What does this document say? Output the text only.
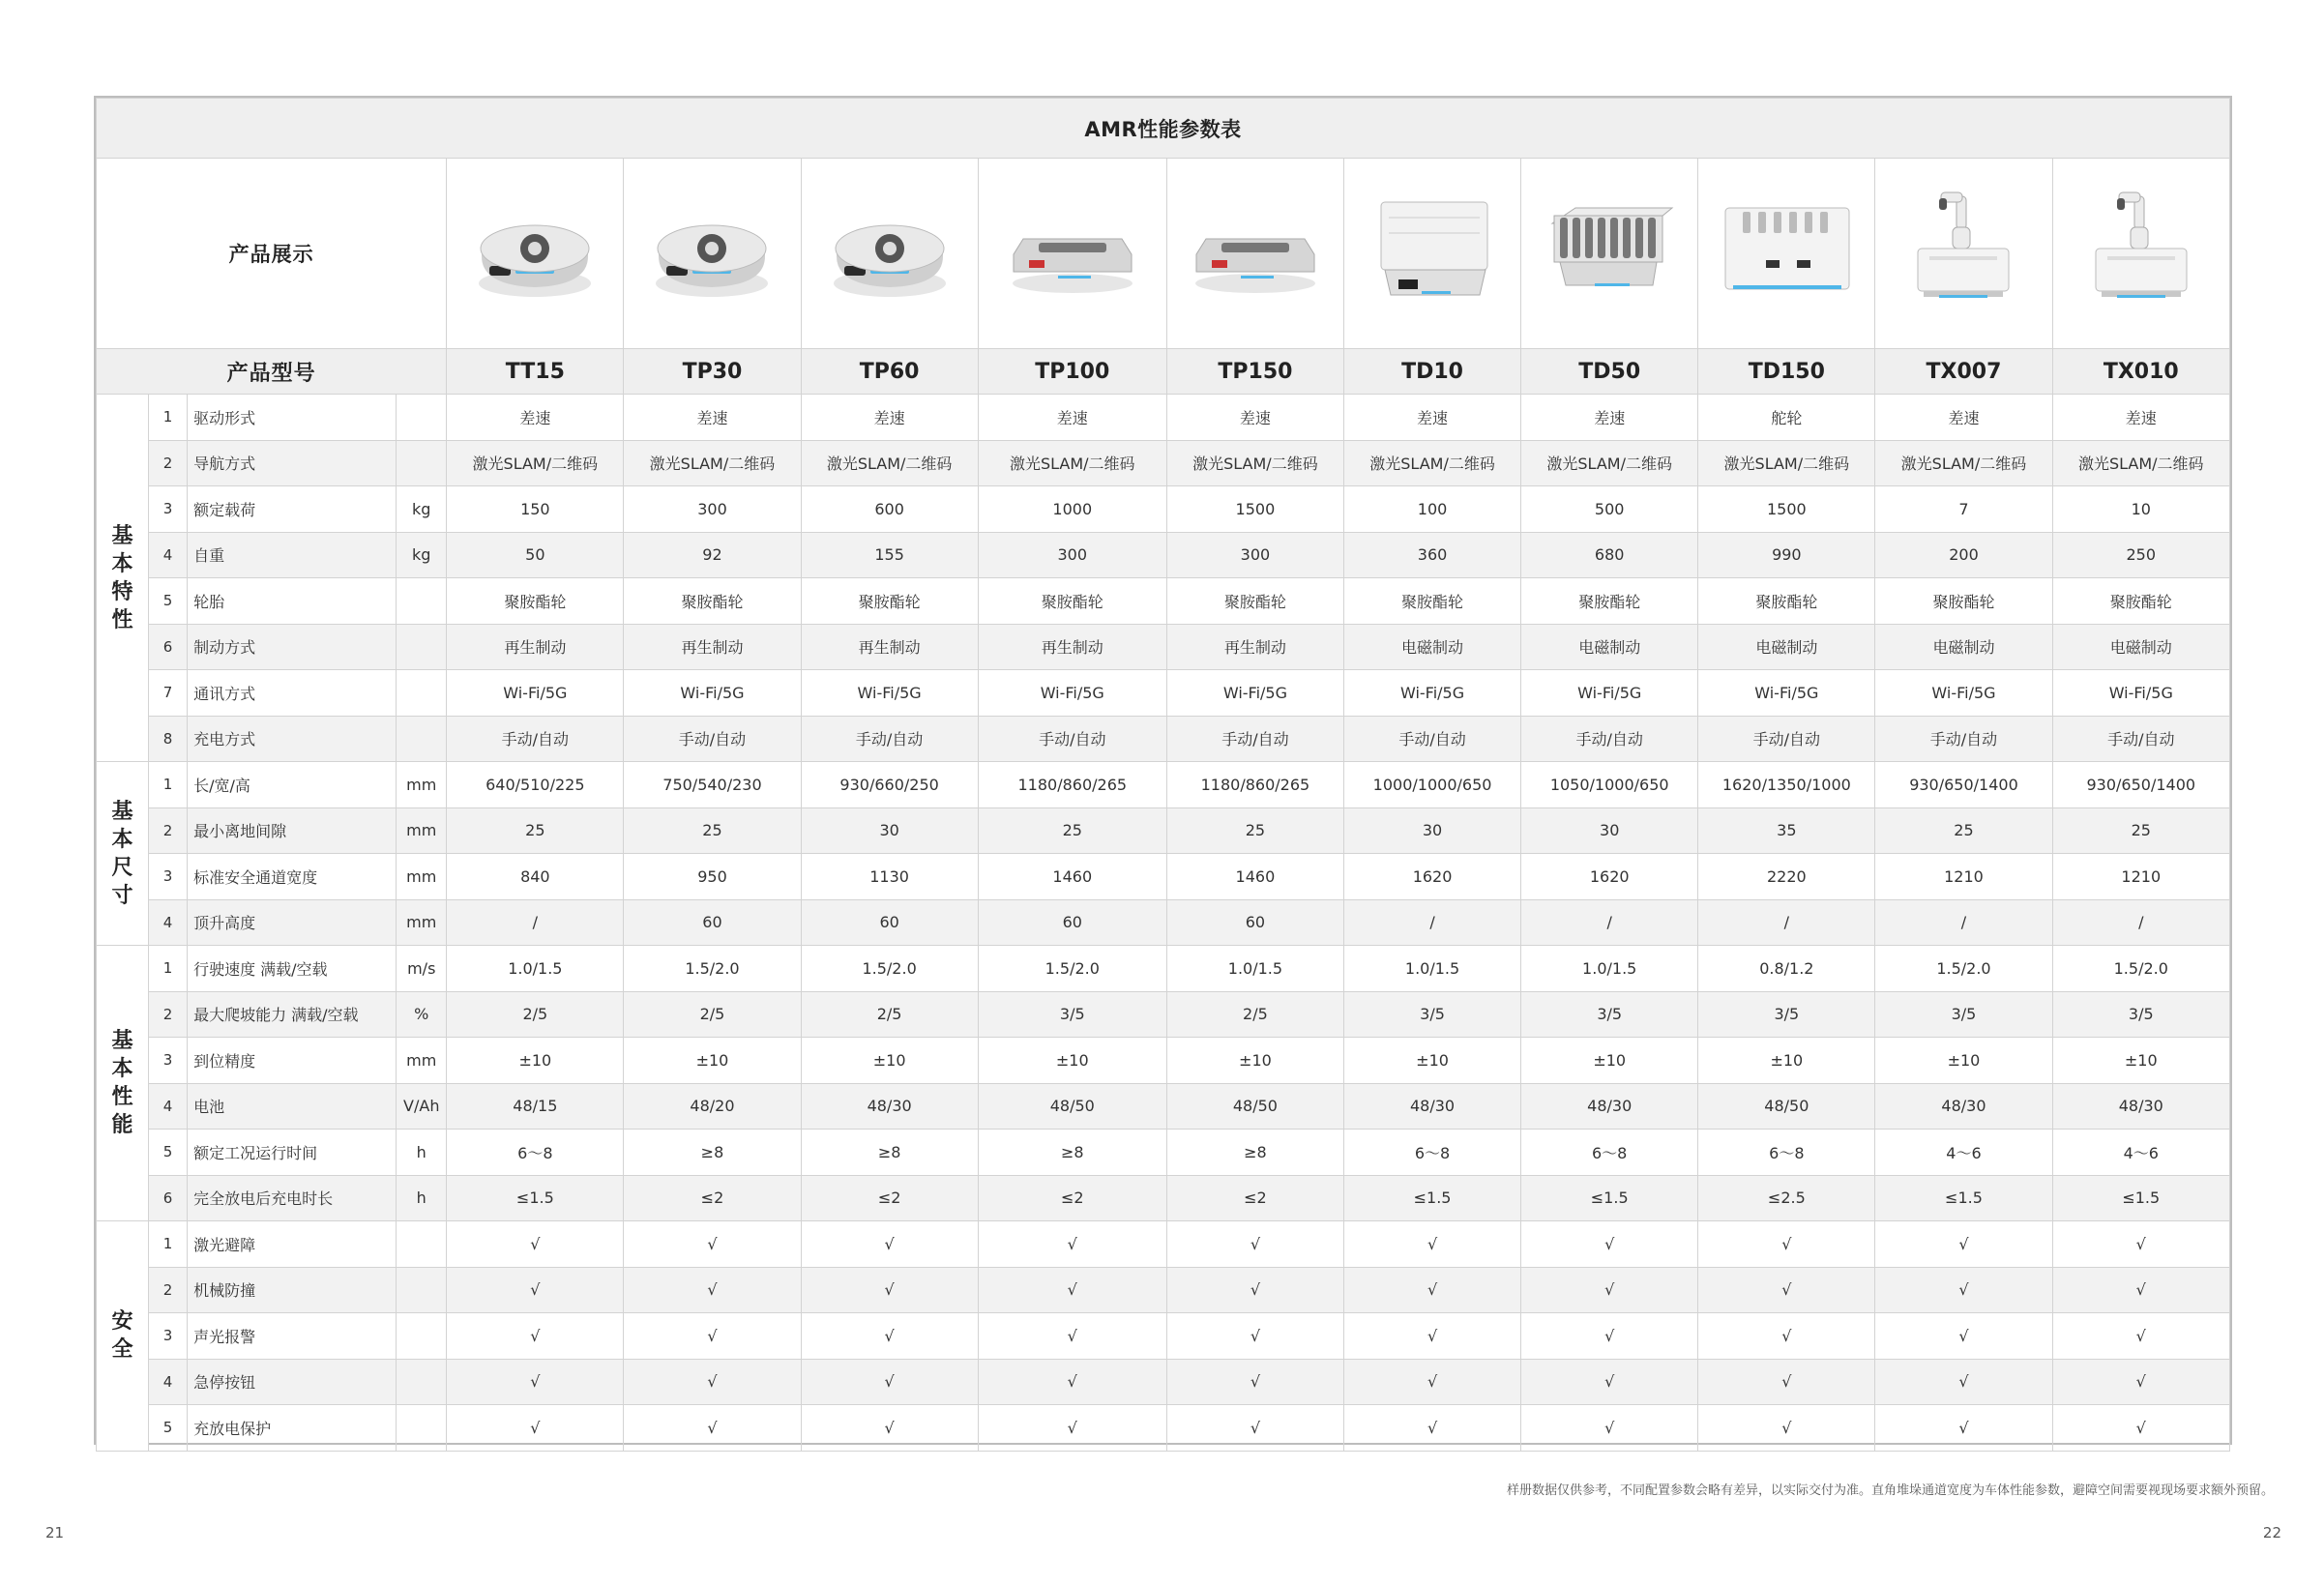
AMR性能参数表													
产品展示										
产品型号				TT15	TP30	TP60	TP100	TP150	TD10	TD50	TD150	TX007	TX010
基本特性	1	驱动形式		差速	差速	差速	差速	差速	差速	差速	舵轮	差速	差速
	2	导航方式		激光SLAM/二维码	激光SLAM/二维码	激光SLAM/二维码	激光SLAM/二维码	激光SLAM/二维码	激光SLAM/二维码	激光SLAM/二维码	激光SLAM/二维码	激光SLAM/二维码	激光SLAM/二维码
	3	额定载荷	kg	150	300	600	1000	1500	100	500	1500	7	10
	4	自重	kg	50	92	155	300	300	360	680	990	200	250
	5	轮胎		聚胺酯轮	聚胺酯轮	聚胺酯轮	聚胺酯轮	聚胺酯轮	聚胺酯轮	聚胺酯轮	聚胺酯轮	聚胺酯轮	聚胺酯轮
	6	制动方式		再生制动	再生制动	再生制动	再生制动	再生制动	电磁制动	电磁制动	电磁制动	电磁制动	电磁制动
	7	通讯方式		Wi-Fi/5G	Wi-Fi/5G	Wi-Fi/5G	Wi-Fi/5G	Wi-Fi/5G	Wi-Fi/5G	Wi-Fi/5G	Wi-Fi/5G	Wi-Fi/5G	Wi-Fi/5G
	8	充电方式		手动/自动	手动/自动	手动/自动	手动/自动	手动/自动	手动/自动	手动/自动	手动/自动	手动/自动	手动/自动
基本尺寸	1	长/宽/高	mm	640/510/225	750/540/230	930/660/250	1180/860/265	1180/860/265	1000/1000/650	1050/1000/650	1620/1350/1000	930/650/1400	930/650/1400
	2	最小离地间隙	mm	25	25	30	25	25	30	30	35	25	25
	3	标准安全通道宽度	mm	840	950	1130	1460	1460	1620	1620	2220	1210	1210
	4	顶升高度	mm	/	60	60	60	60	/	/	/	/	/
基本性能	1	行驶速度 满载/空载	m/s	1.0/1.5	1.5/2.0	1.5/2.0	1.5/2.0	1.0/1.5	1.0/1.5	1.0/1.5	0.8/1.2	1.5/2.0	1.5/2.0
	2	最大爬坡能力 满载/空载	%	2/5	2/5	2/5	3/5	2/5	3/5	3/5	3/5	3/5	3/5
	3	到位精度	mm	±10	±10	±10	±10	±10	±10	±10	±10	±10	±10
	4	电池	V/Ah	48/15	48/20	48/30	48/50	48/50	48/30	48/30	48/50	48/30	48/30
	5	额定工况运行时间	h	6～8	≥8	≥8	≥8	≥8	6～8	6～8	6～8	4～6	4～6
	6	完全放电后充电时长	h	≤1.5	≤2	≤2	≤2	≤2	≤1.5	≤1.5	≤2.5	≤1.5	≤1.5
安全	1	激光避障		√	√	√	√	√	√	√	√	√	√
	2	机械防撞		√	√	√	√	√	√	√	√	√	√
	3	声光报警		√	√	√	√	√	√	√	√	√	√
	4	急停按钮		√	√	√	√	√	√	√	√	√	√
	5	充放电保护		√	√	√	√	√	√	√	√	√	√
样册数据仅供参考，不同配置参数会略有差异，以实际交付为准。直角堆垛通道宽度为车体性能参数，避障空间需要视现场要求额外预留。
21	22
